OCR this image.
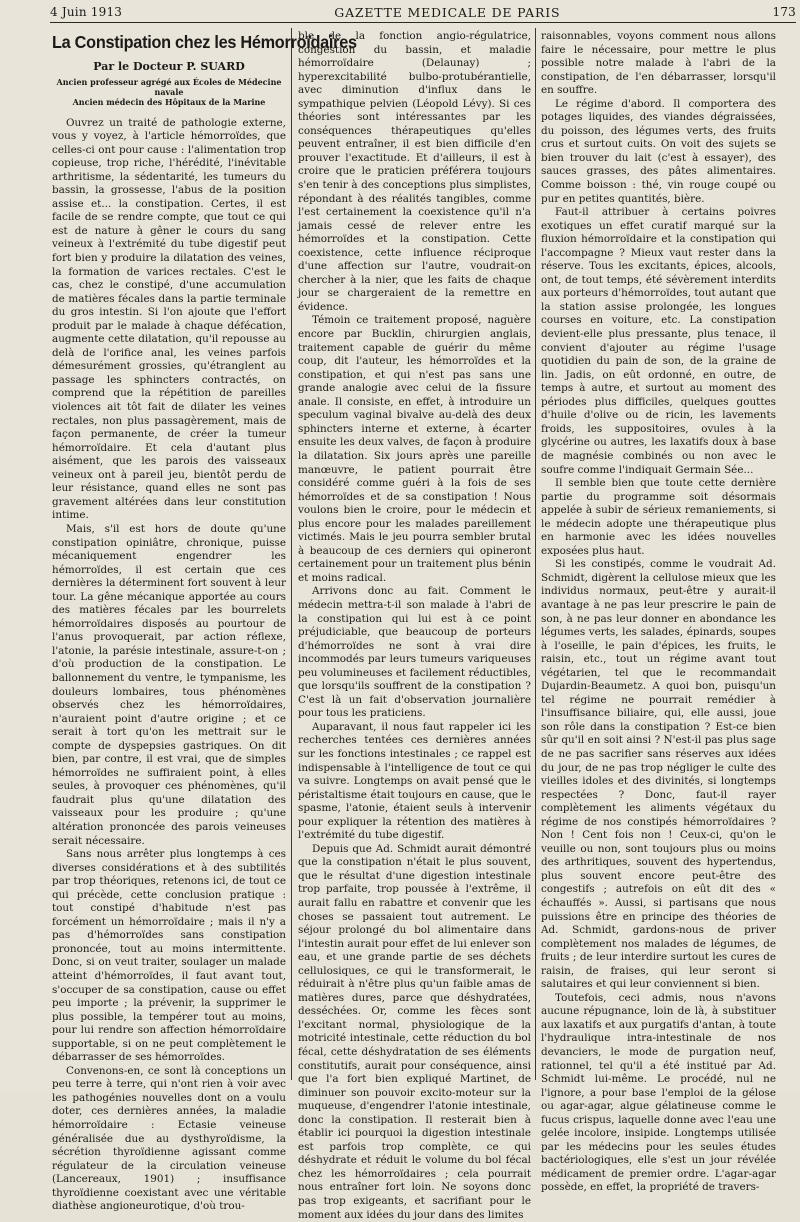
4 Juin 1913	GAZETTE MEDICALE DE PARIS	173
La Constipation chez les Hémorroïdaires
Par le Docteur P. SUARD
Ancien professeur agrégé aux Écoles de Médecine navale
Ancien médecin des Hôpitaux de la Marine

Ouvrez un traité de pathologie externe, vous y voyez, à l'article hémorroïdes, que celles-ci ont pour cause : l'alimentation trop copieuse, trop riche, l'hérédité, l'inévitable arthritisme, la sédentarité, les tumeurs du bassin, la grossesse, l'abus de la position assise et... la constipation. Certes, il est facile de se rendre compte, que tout ce qui est de nature à gêner le cours du sang veineux à l'extrémité du tube digestif peut fort bien y produire la dilatation des veines, la formation de varices rectales. C'est le cas, chez le constipé, d'une accumulation de matières fécales dans la partie terminale du gros intestin. Si l'on ajoute que l'effort produit par le malade à chaque défécation, augmente cette dilatation, qu'il repousse au delà de l'orifice anal, les veines parfois démesurément grossies, qu'étranglent au passage les sphincters contractés, on comprend que la répétition de pareilles violences ait tôt fait de dilater les veines rectales, non plus passagèrement, mais de façon permanente, de créer la tumeur hémorroïdaire. Et cela d'autant plus aisément, que les parois des vaisseaux veineux ont à pareil jeu, bientôt perdu de leur résistance, quand elles ne sont pas gravement altérées dans leur constitution intime.

Mais, s'il est hors de doute qu'une constipation opiniâtre, chronique, puisse mécaniquement engendrer les hémorroïdes, il est certain que ces dernières la déterminent fort souvent à leur tour. La gêne mécanique apportée au cours des matières fécales par les bourrelets hémorroïdaires disposés au pourtour de l'anus provoquerait, par action réflexe, l'atonie, la parésie intestinale, assure-t-on ; d'où production de la constipation. Le ballonnement du ventre, le tympanisme, les douleurs lombaires, tous phénomènes observés chez les hémorroïdaires, n'auraient point d'autre origine ; et ce serait à tort qu'on les mettrait sur le compte de dyspepsies gastriques. On dit bien, par contre, il est vrai, que de simples hémorroïdes ne suffiraient point, à elles seules, à provoquer ces phénomènes, qu'il faudrait plus qu'une dilatation des vaisseaux pour les produire ; qu'une altération prononcée des parois veineuses serait nécessaire.

Sans nous arrêter plus longtemps à ces diverses considérations et à des subtilités par trop théoriques, retenons ici, de tout ce qui précède, cette conclusion pratique : tout constipé d'habitude n'est pas forcément un hémorroïdaire ; mais il n'y a pas d'hémorroïdes sans constipation prononcée, tout au moins intermittente. Donc, si on veut traiter, soulager un malade atteint d'hémorroïdes, il faut avant tout, s'occuper de sa constipation, cause ou effet peu importe ; la prévenir, la supprimer le plus possible, la tempérer tout au moins, pour lui rendre son affection hémorroïdaire supportable, si on ne peut complètement le débarrasser de ses hémorroïdes.

Convenons-en, ce sont là conceptions un peu terre à terre, qui n'ont rien à voir avec les pathogénies nouvelles dont on a voulu doter, ces dernières années, la maladie hémorroïdaire : Ectasie veineuse généralisée due au dysthyroïdisme, la sécrétion thyroïdienne agissant comme régulateur de la circulation veineuse (Lancereaux, 1901) ; insuffisance thyroïdienne coexistant avec une véritable diathèse angioneurotique, d'où trou-

ble de la fonction angio-régulatrice, congestion du bassin, et maladie hémorroïdaire (Delaunay) ; hyperexcitabilité bulbo-protubérantielle, avec diminution d'influx dans le sympathique pelvien (Léopold Lévy). Si ces théories sont intéressantes par les conséquences thérapeutiques qu'elles peuvent entraîner, il est bien difficile d'en prouver l'exactitude. Et d'ailleurs, il est à croire que le praticien préférera toujours s'en tenir à des conceptions plus simplistes, répondant à des réalités tangibles, comme l'est certainement la coexistence qu'il n'a jamais cessé de relever entre les hémorroïdes et la constipation. Cette coexistence, cette influence réciproque d'une affection sur l'autre, voudrait-on chercher à la nier, que les faits de chaque jour se chargeraient de la remettre en évidence.

Témoin ce traitement proposé, naguère encore par Bucklin, chirurgien anglais, traitement capable de guérir du même coup, dit l'auteur, les hémorroïdes et la constipation, et qui n'est pas sans une grande analogie avec celui de la fissure anale. Il consiste, en effet, à introduire un speculum vaginal bivalve au-delà des deux sphincters interne et externe, à écarter ensuite les deux valves, de façon à produire la dilatation. Six jours après une pareille manœuvre, le patient pourrait être considéré comme guéri à la fois de ses hémorroïdes et de sa constipation ! Nous voulons bien le croire, pour le médecin et plus encore pour les malades pareillement victimés. Mais le jeu pourra sembler brutal à beaucoup de ces derniers qui opineront certainement pour un traitement plus bénin et moins radical.

Arrivons donc au fait. Comment le médecin mettra-t-il son malade à l'abri de la constipation qui lui est à ce point préjudiciable, que beaucoup de porteurs d'hémorroïdes ne sont à vrai dire incommodés par leurs tumeurs variqueuses peu volumineuses et facilement réductibles, que lorsqu'ils souffrent de la constipation ? C'est là un fait d'observation journalière pour tous les praticiens.

Auparavant, il nous faut rappeler ici les recherches tentées ces dernières années sur les fonctions intestinales ; ce rappel est indispensable à l'intelligence de tout ce qui va suivre. Longtemps on avait pensé que le péristaltisme était toujours en cause, que le spasme, l'atonie, étaient seuls à intervenir pour expliquer la rétention des matières à l'extrémité du tube digestif.

Depuis que Ad. Schmidt aurait démontré que la constipation n'était le plus souvent, que le résultat d'une digestion intestinale trop parfaite, trop poussée à l'extrême, il aurait fallu en rabattre et convenir que les choses se passaient tout autrement. Le séjour prolongé du bol alimentaire dans l'intestin aurait pour effet de lui enlever son eau, et une grande partie de ses déchets cellulosiques, ce qui le transformerait, le réduirait à n'être plus qu'un faible amas de matières dures, parce que déshydratées, desséchées. Or, comme les fèces sont l'excitant normal, physiologique de la motricité intestinale, cette réduction du bol fécal, cette déshydratation de ses éléments constitutifs, aurait pour conséquence, ainsi que l'a fort bien expliqué Martinet, de diminuer son pouvoir excito-moteur sur la muqueuse, d'engendrer l'atonie intestinale, donc la constipation. Il resterait bien à établir ici pourquoi la digestion intestinale est parfois trop complète, ce qui déshydrate et réduit le volume du bol fécal chez les hémorroïdaires ; cela pourrait nous entraîner fort loin. Ne soyons donc pas trop exigeants, et sacrifiant pour le moment aux idées du jour dans des limites

raisonnables, voyons comment nous allons faire le nécessaire, pour mettre le plus possible notre malade à l'abri de la constipation, de l'en débarrasser, lorsqu'il en souffre.

Le régime d'abord. Il comportera des potages liquides, des viandes dégraissées, du poisson, des légumes verts, des fruits crus et surtout cuits. On voit des sujets se bien trouver du lait (c'est à essayer), des sauces grasses, des pâtes alimentaires. Comme boisson : thé, vin rouge coupé ou pur en petites quantités, bière.

Faut-il attribuer à certains poivres exotiques un effet curatif marqué sur la fluxion hémorroïdaire et la constipation qui l'accompagne ? Mieux vaut rester dans la réserve. Tous les excitants, épices, alcools, ont, de tout temps, été sévèrement interdits aux porteurs d'hémorroïdes, tout autant que la station assise prolongée, les longues courses en voiture, etc. La constipation devient-elle plus pressante, plus tenace, il convient d'ajouter au régime l'usage quotidien du pain de son, de la graine de lin. Jadis, on eût ordonné, en outre, de temps à autre, et surtout au moment des périodes plus difficiles, quelques gouttes d'huile d'olive ou de ricin, les lavements froids, les suppositoires, ovules à la glycérine ou autres, les laxatifs doux à base de magnésie combinés ou non avec le soufre comme l'indiquait Germain Sée...

Il semble bien que toute cette dernière partie du programme soit désormais appelée à subir de sérieux remaniements, si le médecin adopte une thérapeutique plus en harmonie avec les idées nouvelles exposées plus haut.

Si les constipés, comme le voudrait Ad. Schmidt, digèrent la cellulose mieux que les individus normaux, peut-être y aurait-il avantage à ne pas leur prescrire le pain de son, à ne pas leur donner en abondance les légumes verts, les salades, épinards, soupes à l'oseille, le pain d'épices, les fruits, le raisin, etc., tout un régime avant tout végétarien, tel que le recommandait Dujardin-Beaumetz. A quoi bon, puisqu'un tel régime ne pourrait remédier à l'insuffisance biliaire, qui, elle aussi, joue son rôle dans la constipation ? Est-ce bien sûr qu'il en soit ainsi ? N'est-il pas plus sage de ne pas sacrifier sans réserves aux idées du jour, de ne pas trop négliger le culte des vieilles idoles et des divinités, si longtemps respectées ? Donc, faut-il rayer complètement les aliments végétaux du régime de nos constipés hémorroïdaires ? Non ! Cent fois non ! Ceux-ci, qu'on le veuille ou non, sont toujours plus ou moins des arthritiques, souvent des hypertendus, plus souvent encore peut-être des congestifs ; autrefois on eût dit des « échauffés ». Aussi, si partisans que nous puissions être en principe des théories de Ad. Schmidt, gardons-nous de priver complètement nos malades de légumes, de fruits ; de leur interdire surtout les cures de raisin, de fraises, qui leur seront si salutaires et qui leur conviennent si bien.

Toutefois, ceci admis, nous n'avons aucune répugnance, loin de là, à substituer aux laxatifs et aux purgatifs d'antan, à toute l'hydraulique intra-intestinale de nos devanciers, le mode de purgation neuf, rationnel, tel qu'il a été institué par Ad. Schmidt lui-même. Le procédé, nul ne l'ignore, a pour base l'emploi de la gélose ou agar-agar, algue gélatineuse comme le fucus crispus, laquelle donne avec l'eau une gelée incolore, insipide. Longtemps utilisée par les médecins pour les seules études bactériologiques, elle s'est un jour révélée médicament de premier ordre. L'agar-agar possède, en effet, la propriété de travers-
